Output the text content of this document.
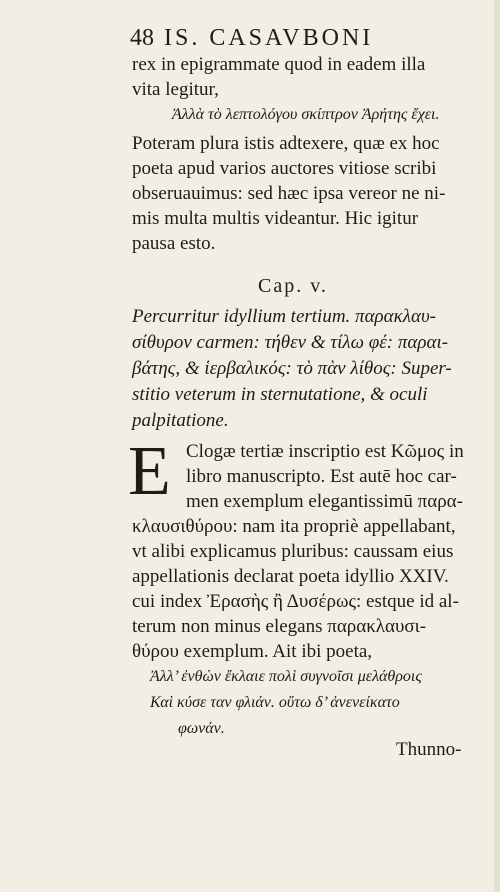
48 IS. CASAVBONI
rex in epigrammate quod in eadem illa
vita legitur,
Ἀλλὰ τὸ λεπτολόγου σκίπτρον Ἀρήτης ἔχει.
Poteram plura istis adtexere, quæ ex hoc
poeta apud varios auctores vitiose scribi
obseruauimus: sed hæc ipsa vereor ne ni-
mis multa multis videantur. Hic igitur
pausa esto.
Cap. v.
Percurritur idyllium tertium. παρακλαυ-
σίθυρον carmen: τήθεν & τίλω φέ: παραι-
βάτης, & ἱερβαλικός: τὸ πὰν λίθος: Super-
stitio veterum in sternutatione, & oculi
palpitatione.
E Clogæ tertiæ inscriptio est Κῶμος in
libro manuscripto. Est autē hoc car-
men exemplum elegantissimū παρα-
κλαυσιθύρου: nam ita propriè appellabant,
vt alibi explicamus pluribus: caussam eius
appellationis declarat poeta idyllio XXIV.
cui index Ἐρασὴς ἢ Δυσέρως: estque id al-
terum non minus elegans παρακλαυσι-
θύρου exemplum. Ait ibi poeta,
Ἀλλ’ ἐνθὼν ἔκλαιε πολὶ συγνοῖσι μελάθροις
Καὶ κύσε ταν φλιάν. οὕτω δ’ ἀνενείκατο
φωνάν.
Thunno-
